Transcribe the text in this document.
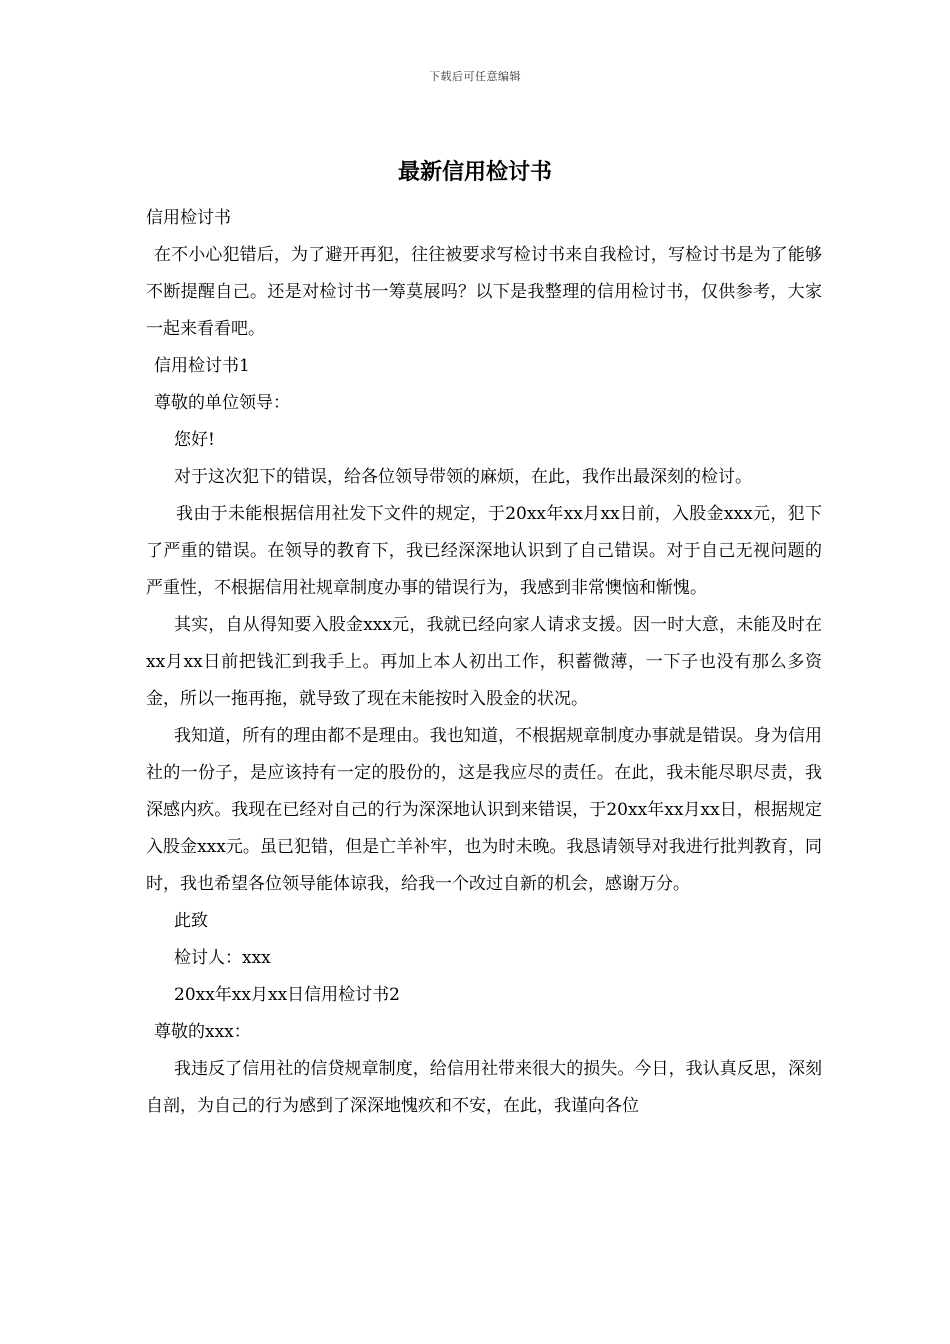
下载后可任意编辑
最新信用检讨书

信用检讨书

在不小心犯错后，为了避开再犯，往往被要求写检讨书来自我检讨，写检讨书是为了能够不断提醒自己。还是对检讨书一筹莫展吗？以下是我整理的信用检讨书，仅供参考，大家一起来看看吧。

信用检讨书1

尊敬的单位领导：

您好!

对于这次犯下的错误，给各位领导带领的麻烦，在此，我作出最深刻的检讨。

我由于未能根据信用社发下文件的规定，于20xx年xx月xx日前，入股金xxx元，犯下了严重的错误。在领导的教育下，我已经深深地认识到了自己错误。对于自己无视问题的严重性，不根据信用社规章制度办事的错误行为，我感到非常懊恼和惭愧。

其实，自从得知要入股金xxx元，我就已经向家人请求支援。因一时大意，未能及时在xx月xx日前把钱汇到我手上。再加上本人初出工作，积蓄微薄，一下子也没有那么多资金，所以一拖再拖，就导致了现在未能按时入股金的状况。

我知道，所有的理由都不是理由。我也知道，不根据规章制度办事就是错误。身为信用社的一份子，是应该持有一定的股份的，这是我应尽的责任。在此，我未能尽职尽责，我深感内疚。我现在已经对自己的行为深深地认识到来错误，于20xx年xx月xx日，根据规定入股金xxx元。虽已犯错，但是亡羊补牢，也为时未晚。我恳请领导对我进行批判教育，同时，我也希望各位领导能体谅我，给我一个改过自新的机会，感谢万分。

此致

检讨人：xxx

20xx年xx月xx日信用检讨书2

尊敬的xxx：

我违反了信用社的信贷规章制度，给信用社带来很大的损失。今日，我认真反思，深刻自剖，为自己的行为感到了深深地愧疚和不安，在此，我谨向各位
